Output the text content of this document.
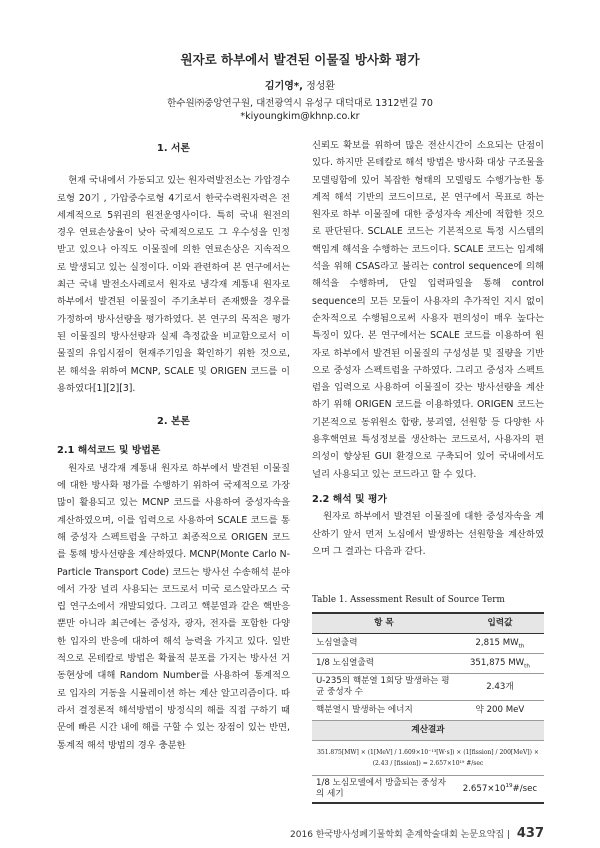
원자로 하부에서 발견된 이물질 방사화 평가
김기영*, 정성환
한수원㈜중앙연구원, 대전광역시 유성구 대덕대로 1312번길 70
*kiyoungkim@khnp.co.kr
1. 서론

현재 국내에서 가동되고 있는 원자력발전소는 가압경수로형 20기 , 가압중수로형 4기로서 한국수력원자력은 전 세계적으로 5위권의 원전운영사이다. 특히 국내 원전의 경우 연료손상율이 낮아 국제적으로도 그 우수성을 인정받고 있으나 아직도 이물질에 의한 연료손상은 지속적으로 발생되고 있는 실정이다. 이와 관련하여 본 연구에서는 최근 국내 발전소사례로서 원자로 냉각재 계통내 원자로 하부에서 발견된 이물질이 주기초부터 존재했을 경우를 가정하여 방사선량을 평가하였다. 본 연구의 목적은 평가된 이물질의 방사선량과 실제 측정값을 비교함으로서 이물질의 유입시점이 현재주기임을 확인하기 위한 것으로, 본 해석을 위하여 MCNP, SCALE 및 ORIGEN 코드를 이용하였다[1][2][3].

2. 본론
2.1 해석코드 및 방법론

원자로 냉각재 계통내 원자로 하부에서 발견된 이물질에 대한 방사화 평가를 수행하기 위하여 국제적으로 가장 많이 활용되고 있는 MCNP 코드를 사용하여 중성자속을 계산하였으며, 이를 입력으로 사용하여 SCALE 코드를 통해 중성자 스펙트럼을 구하고 최종적으로 ORIGEN 코드를 통해 방사선량을 계산하였다. MCNP(Monte Carlo N-Particle Transport Code) 코드는 방사선 수송해석 분야에서 가장 널리 사용되는 코드로서 미국 로스알라모스 국립 연구소에서 개발되었다. 그리고 핵분열과 같은 핵반응 뿐만 아니라 최근에는 중성자, 광자, 전자를 포함한 다양한 입자의 반응에 대하여 해석 능력을 가지고 있다. 일반적으로 몬테칼로 방법은 확률적 분포를 가지는 방사선 거동현상에 대해 Random Number를 사용하여 통계적으로 입자의 거동을 시뮬레이션 하는 계산 알고리즘이다. 따라서 결정론적 해석방법이 방정식의 해를 직접 구하기 때문에 빠른 시간 내에 해를 구할 수 있는 장점이 있는 반면, 통계적 해석 방법의 경우 충분한

신뢰도 확보를 위하여 많은 전산시간이 소요되는 단점이 있다. 하지만 몬테칼로 해석 방법은 방사화 대상 구조물을 모델링함에 있어 복잡한 형태의 모델링도 수행가능한 통계적 해석 기반의 코드이므로, 본 연구에서 목표로 하는 원자로 하부 이물질에 대한 중성자속 계산에 적합한 것으로 판단된다. SCLALE 코드는 기본적으로 특정 시스템의 핵임계 해석을 수행하는 코드이다. SCALE 코드는 임계해석을 위해 CSAS라고 불리는 control sequence에 의해 해석을 수행하며, 단일 입력파일을 통해 control sequence의 모든 모듈이 사용자의 추가적인 지시 없이 순차적으로 수행됨으로써 사용자 편의성이 매우 높다는 특징이 있다. 본 연구에서는 SCALE 코드를 이용하여 원자로 하부에서 발견된 이물질의 구성성분 및 질량을 기반으로 중성자 스펙트럼을 구하였다. 그리고 중성자 스펙트럼을 입력으로 사용하여 이물질이 갖는 방사선량을 계산하기 위해 ORIGEN 코드를 이용하였다. ORIGEN 코드는 기본적으로 동위원소 합량, 붕괴열, 선원항 등 다양한 사용후핵연료 특성정보를 생산하는 코드로서, 사용자의 편의성이 향상된 GUI 환경으로 구축되어 있어 국내에서도 널리 사용되고 있는 코드라고 할 수 있다.

2.2 해석 및 평가

원자로 하부에서 발견된 이물질에 대한 중성자속을 계산하기 앞서 먼저 노심에서 발생하는 선원항을 계산하였으며 그 결과는 다음과 같다.

Table 1. Assessment Result of Source Term
항 목	입력값
노심열출력	2,815 $MW_{th}$
1/8 노심열출력	351,875 $MW_{th}$
U-235의 핵분열 1회당 발생하는 평균 중성자 수	2.43개
핵분열시 발생하는 에너지	약 200 MeV
계산결과	
351.875[MW] × (1[MeV] / 1.609×10⁻¹³[W·s]) × (1[fission] / 200[MeV]) × (2.43 / [fission]) = 2.657×10¹⁹ #/sec	
1/8 노심모델에서 방출되는 중성자의 세기	$2.657\times 10^{19}\#/\sec$
2016 한국방사성폐기물학회 춘계학술대회 논문요약집 | 437
